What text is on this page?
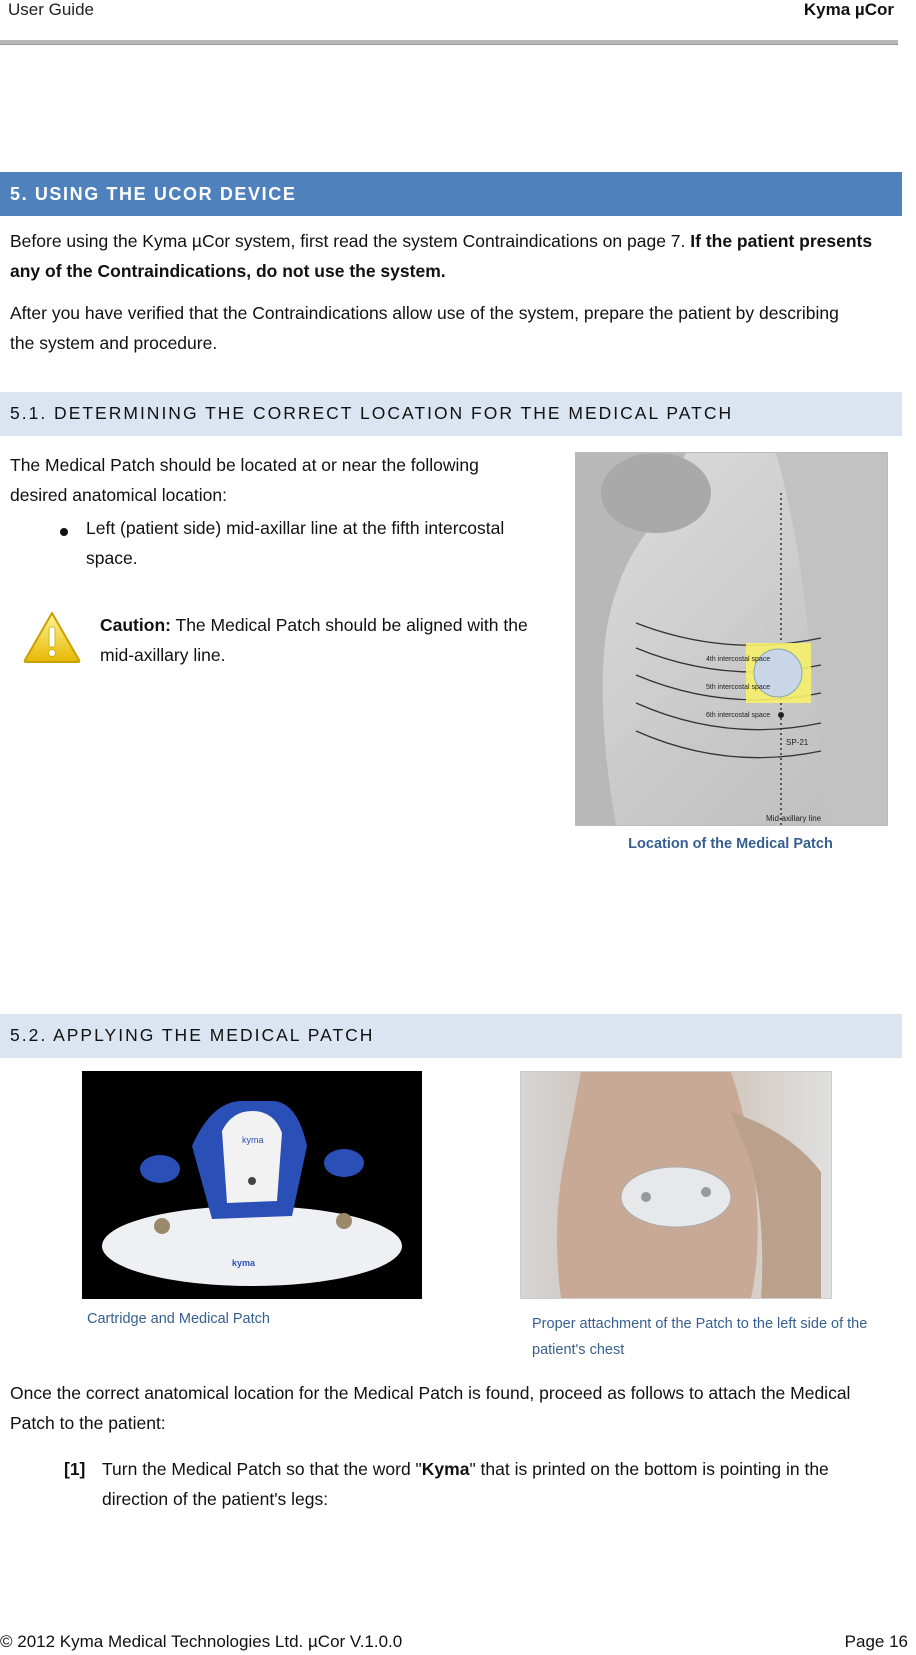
User Guide	Kyma µCor
5. USING THE UCOR DEVICE
Before using the Kyma µCor system, first read the system Contraindications on page 7. If the patient presents any of the Contraindications, do not use the system.
After you have verified that the Contraindications allow use of the system, prepare the patient by describing the system and procedure.
5.1. DETERMINING THE CORRECT LOCATION FOR THE MEDICAL PATCH
The Medical Patch should be located at or near the following desired anatomical location:
Left (patient side) mid-axillar line at the fifth intercostal space.
Caution: The Medical Patch should be aligned with the mid-axillary line.	4th intercostal space
5th intercostal space
6th intercostal space
SP-21
Mid-axillary line
Location of the Medical Patch
5.2. APPLYING THE MEDICAL PATCH
kyma
kyma
Cartridge and Medical Patch	Proper attachment of the Patch to the left side of the patient's chest
Once the correct anatomical location for the Medical Patch is found, proceed as follows to attach the Medical Patch to the patient:
[1] Turn the Medical Patch so that the word "Kyma" that is printed on the bottom is pointing in the direction of the patient's legs:
© 2012 Kyma Medical Technologies Ltd. µCor V.1.0.0	Page 16
